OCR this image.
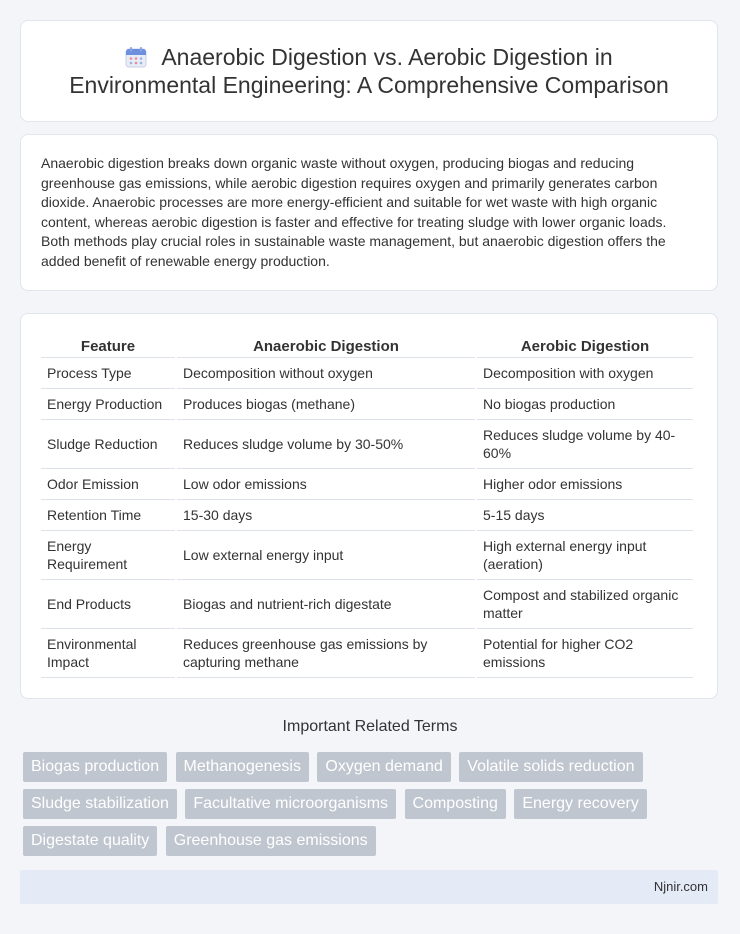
Anaerobic Digestion vs. Aerobic Digestion in
Environmental Engineering: A Comprehensive Comparison

Anaerobic digestion breaks down organic waste without oxygen, producing biogas and reducing greenhouse gas emissions, while aerobic digestion requires oxygen and primarily generates carbon dioxide. Anaerobic processes are more energy-efficient and suitable for wet waste with high organic content, whereas aerobic digestion is faster and effective for treating sludge with lower organic loads. Both methods play crucial roles in sustainable waste management, but anaerobic digestion offers the added benefit of renewable energy production.

Feature	Anaerobic Digestion	Aerobic Digestion
Process Type	Decomposition without oxygen	Decomposition with oxygen
Energy Production	Produces biogas (methane)	No biogas production
Sludge Reduction	Reduces sludge volume by 30-50%	Reduces sludge volume by 40-60%
Odor Emission	Low odor emissions	Higher odor emissions
Retention Time	15-30 days	5-15 days
Energy Requirement	Low external energy input	High external energy input (aeration)
End Products	Biogas and nutrient-rich digestate	Compost and stabilized organic matter
Environmental Impact	Reduces greenhouse gas emissions by capturing methane	Potential for higher CO2 emissions
Important Related Terms
Biogas production Methanogenesis Oxygen demand Volatile solids reduction Sludge stabilization Facultative microorganisms Composting Energy recovery Digestate quality Greenhouse gas emissions
Njnir.com
